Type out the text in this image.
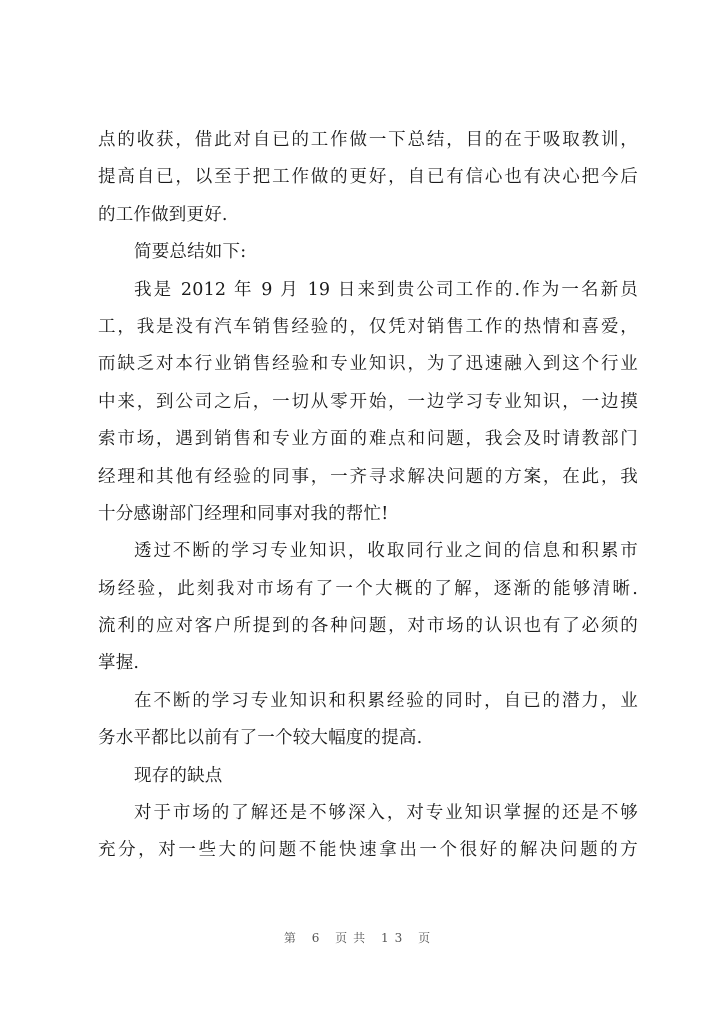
点的收获，借此对自已的工作做一下总结，目的在于吸取教训，
提高自已，以至于把工作做的更好，自已有信心也有决心把今后
的工作做到更好.
简要总结如下:
我是 2012 年 9 月 19 日来到贵公司工作的.作为一名新员
工，我是没有汽车销售经验的，仅凭对销售工作的热情和喜爱，
而缺乏对本行业销售经验和专业知识，为了迅速融入到这个行业
中来，到公司之后，一切从零开始，一边学习专业知识，一边摸
索市场，遇到销售和专业方面的难点和问题，我会及时请教部门
经理和其他有经验的同事，一齐寻求解决问题的方案，在此，我
十分感谢部门经理和同事对我的帮忙!
透过不断的学习专业知识，收取同行业之间的信息和积累市
场经验，此刻我对市场有了一个大概的了解，逐渐的能够清晰.
流利的应对客户所提到的各种问题，对市场的认识也有了必须的
掌握.
在不断的学习专业知识和积累经验的同时，自已的潜力，业
务水平都比以前有了一个较大幅度的提高.
现存的缺点
对于市场的了解还是不够深入，对专业知识掌握的还是不够
充分，对一些大的问题不能快速拿出一个很好的解决问题的方
第 6 页共 13 页
